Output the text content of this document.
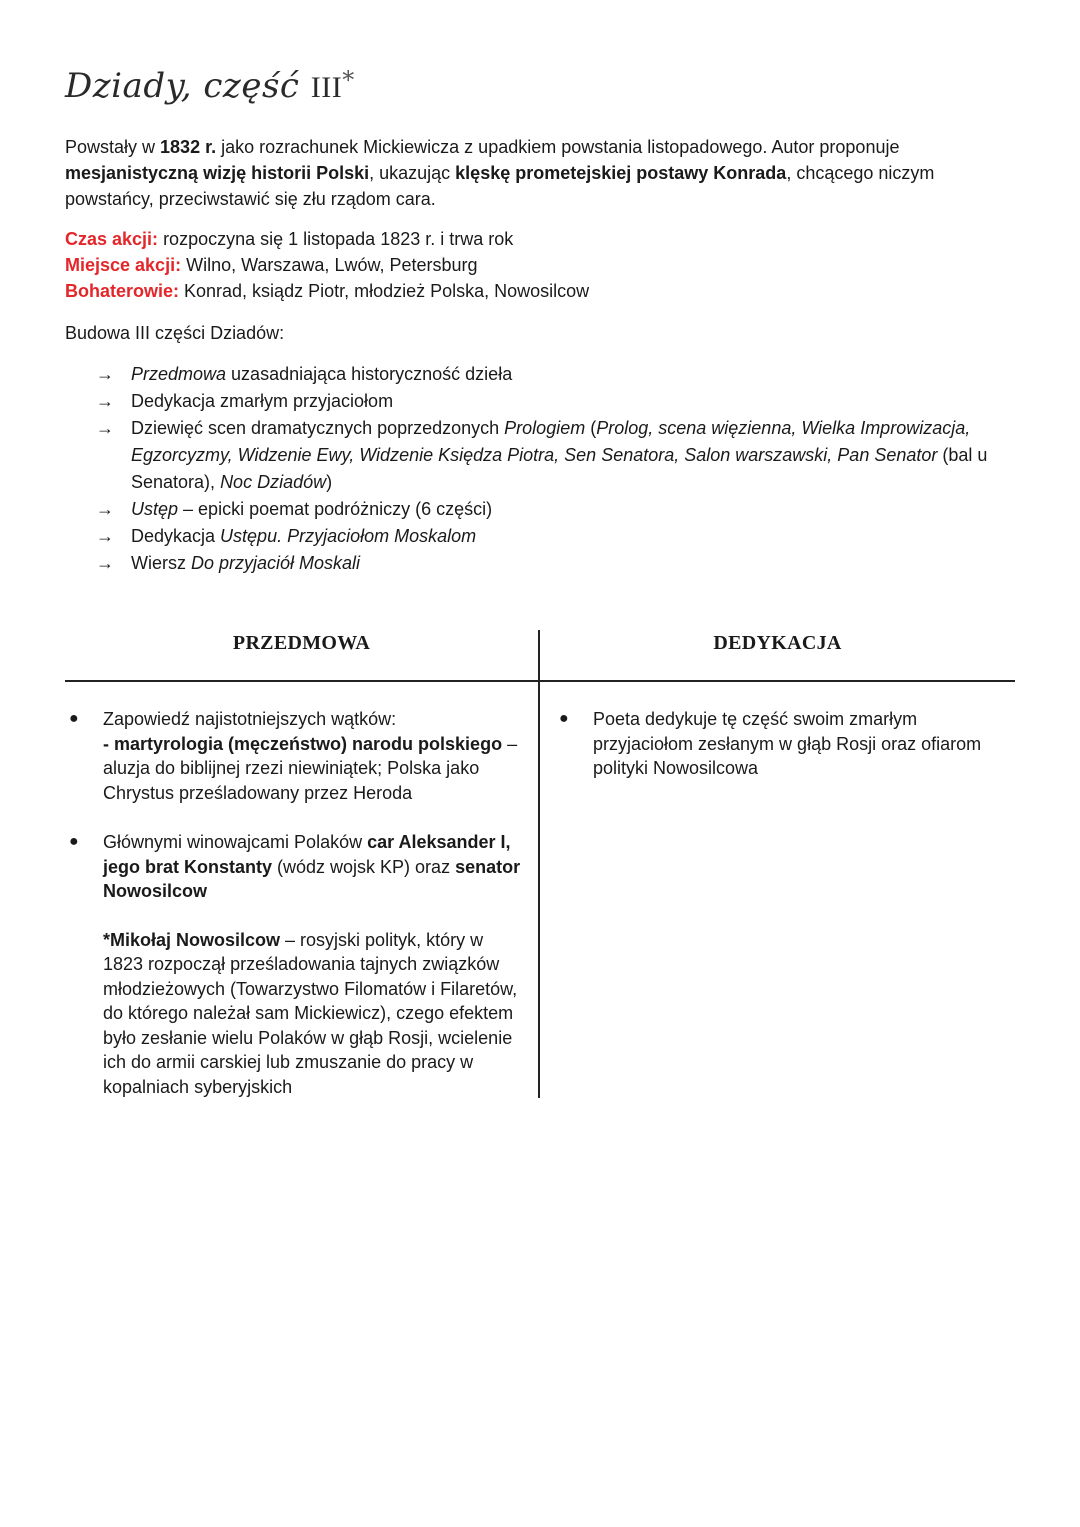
Dziady, część III*

Powstały w 1832 r. jako rozrachunek Mickiewicza z upadkiem powstania listopadowego. Autor proponuje mesjanistyczną wizję historii Polski, ukazując klęskę prometejskiej postawy Konrada, chcącego niczym powstańcy, przeciwstawić się złu rządom cara.

Czas akcji: rozpoczyna się 1 listopada 1823 r. i trwa rok
Miejsce akcji: Wilno, Warszawa, Lwów, Petersburg
Bohaterowie: Konrad, ksiądz Piotr, młodzież Polska, Nowosilcow

Budowa III części Dziadów:

→ Przedmowa uzasadniająca historyczność dzieła
→ Dedykacja zmarłym przyjaciołom
→ Dziewięć scen dramatycznych poprzedzonych Prologiem (Prolog, scena więzienna, Wielka Improwizacja, Egzorcyzmy, Widzenie Ewy, Widzenie Księdza Piotra, Sen Senatora, Salon warszawski, Pan Senator (bal u Senatora), Noc Dziadów)
→ Ustęp – epicki poemat podróżniczy (6 części)
→ Dedykacja Ustępu. Przyjaciołom Moskalom
→ Wiersz Do przyjaciół Moskali
PRZEDMOWA	DEDYKACJA
● Zapowiedź najistotniejszych wątków:
- martyrologia (męczeństwo) narodu polskiego – aluzja do biblijnej rzezi niewiniątek; Polska jako Chrystus prześladowany przez Heroda

● Głównymi winowajcami Polaków car Aleksander I, jego brat Konstanty (wódz wojsk KP) oraz senator Nowosilcow

*Mikołaj Nowosilcow – rosyjski polityk, który w 1823 rozpoczął prześladowania tajnych związków młodzieżowych (Towarzystwo Filomatów i Filaretów, do którego należał sam Mickiewicz), czego efektem było zesłanie wielu Polaków w głąb Rosji, wcielenie ich do armii carskiej lub zmuszanie do pracy w kopalniach syberyjskich

● Poeta dedykuje tę część swoim zmarłym przyjaciołom zesłanym w głąb Rosji oraz ofiarom polityki Nowosilcowa
